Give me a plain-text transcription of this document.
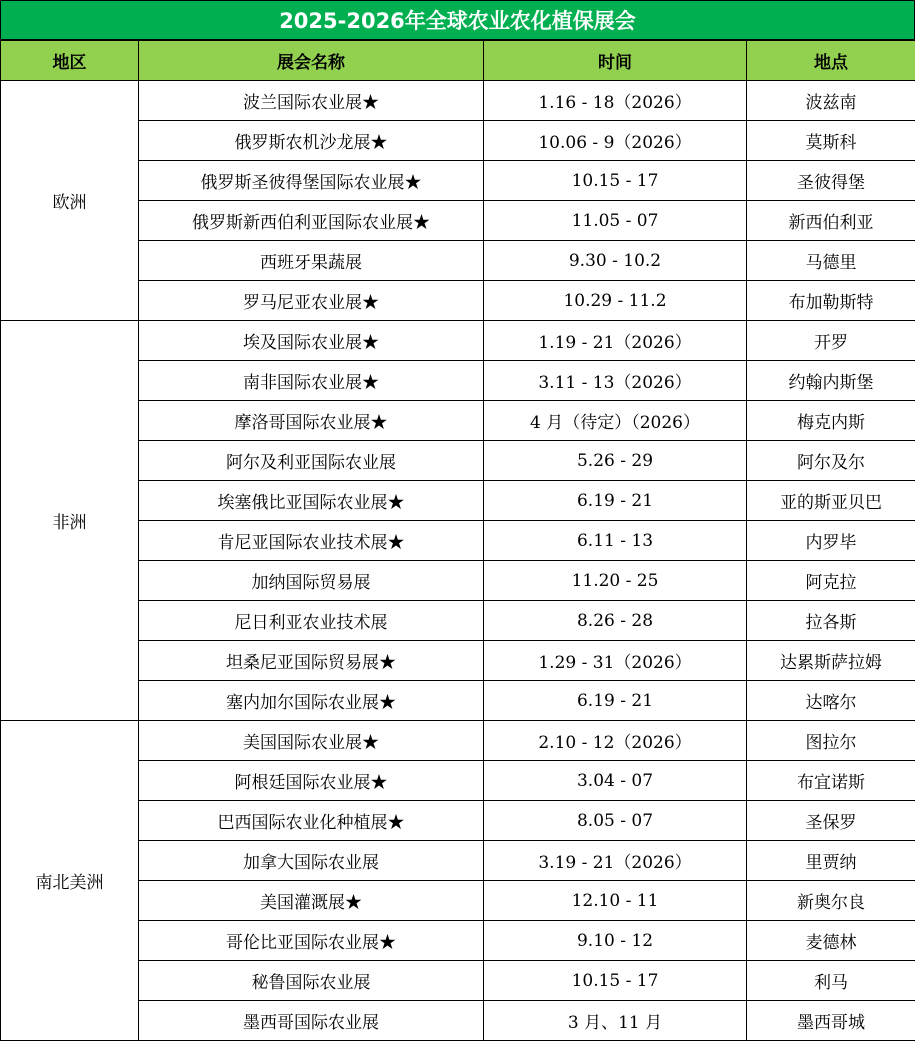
2025-2026年全球农业农化植保展会
地区	展会名称	时间	地点
欧洲	波兰国际农业展★	1.16 - 18（2026）	波兹南
	俄罗斯农机沙龙展★	10.06 - 9（2026）	莫斯科
	俄罗斯圣彼得堡国际农业展★	10.15 - 17	圣彼得堡
	俄罗斯新西伯利亚国际农业展★	11.05 - 07	新西伯利亚
	西班牙果蔬展	9.30 - 10.2	马德里
	罗马尼亚农业展★	10.29 - 11.2	布加勒斯特
非洲	埃及国际农业展★	1.19 - 21（2026）	开罗
	南非国际农业展★	3.11 - 13（2026）	约翰内斯堡
	摩洛哥国际农业展★	4 月（待定）（2026）	梅克内斯
	阿尔及利亚国际农业展	5.26 - 29	阿尔及尔
	埃塞俄比亚国际农业展★	6.19 - 21	亚的斯亚贝巴
	肯尼亚国际农业技术展★	6.11 - 13	内罗毕
	加纳国际贸易展	11.20 - 25	阿克拉
	尼日利亚农业技术展	8.26 - 28	拉各斯
	坦桑尼亚国际贸易展★	1.29 - 31（2026）	达累斯萨拉姆
	塞内加尔国际农业展★	6.19 - 21	达喀尔
南北美洲	美国国际农业展★	2.10 - 12（2026）	图拉尔
	阿根廷国际农业展★	3.04 - 07	布宜诺斯
	巴西国际农业化种植展★	8.05 - 07	圣保罗
	加拿大国际农业展	3.19 - 21（2026）	里贾纳
	美国灌溉展★	12.10 - 11	新奥尔良
	哥伦比亚国际农业展★	9.10 - 12	麦德林
	秘鲁国际农业展	10.15 - 17	利马
	墨西哥国际农业展	3 月、11 月	墨西哥城
